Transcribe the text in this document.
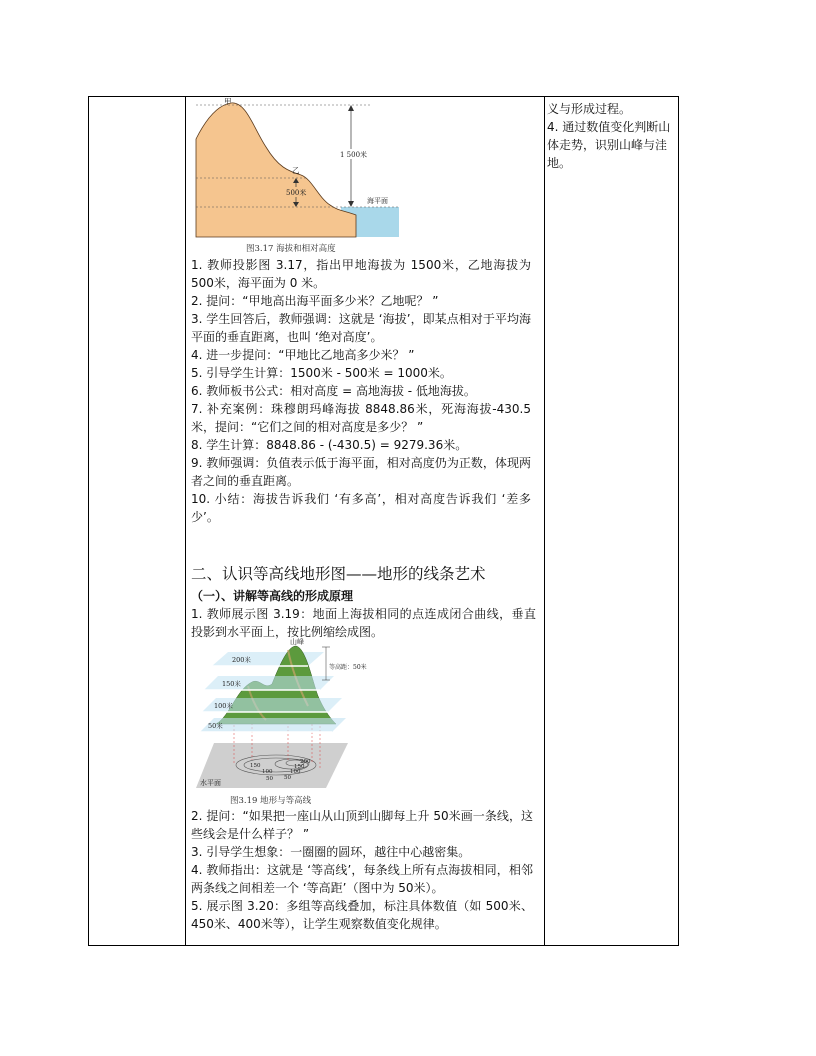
甲
乙
1 500米
500米
海平面
图3.17 海拔和相对高度

1. 教师投影图 3.17，指出甲地海拔为 1500米，乙地海拔为 500米，海平面为 0 米。

2. 提问：“甲地高出海平面多少米？乙地呢？ ”

3. 学生回答后，教师强调：这就是 ‘海拔’，即某点相对于平均海平面的垂直距离，也叫 ‘绝对高度’。

4. 进一步提问：“甲地比乙地高多少米？ ”

5. 引导学生计算：1500米 - 500米 = 1000米。

6. 教师板书公式：相对高度 = 高地海拔 - 低地海拔。

7. 补充案例：珠穆朗玛峰海拔 8848.86米，死海海拔-430.5米，提问：“它们之间的相对高度是多少？ ”

8. 学生计算：8848.86 - (-430.5) = 9279.36米。

9. 教师强调：负值表示低于海平面，相对高度仍为正数，体现两者之间的垂直距离。

10. 小结：海拔告诉我们 ‘有多高’，相对高度告诉我们 ‘差多少’。

二、认识等高线地形图——地形的线条艺术

（一）、讲解等高线的形成原理

1. 教师展示图 3.19：地面上海拔相同的点连成闭合曲线，垂直投影到水平面上，按比例缩绘成图。

山峰
等高距：50米
200米
150米
100米
50米
水平面
150
100
50
200
150
100
50
图3.19 地形与等高线

2. 提问：“如果把一座山从山顶到山脚每上升 50米画一条线，这些线会是什么样子？ ”

3. 引导学生想象：一圈圈的圆环，越往中心越密集。

4. 教师指出：这就是 ‘等高线’，每条线上所有点海拔相同，相邻两条线之间相差一个 ‘等高距’（图中为 50米）。

5. 展示图 3.20：多组等高线叠加，标注具体数值（如 500米、450米、400米等），让学生观察数值变化规律。

义与形成过程。

4. 通过数值变化判断山体走势，识别山峰与洼地。
